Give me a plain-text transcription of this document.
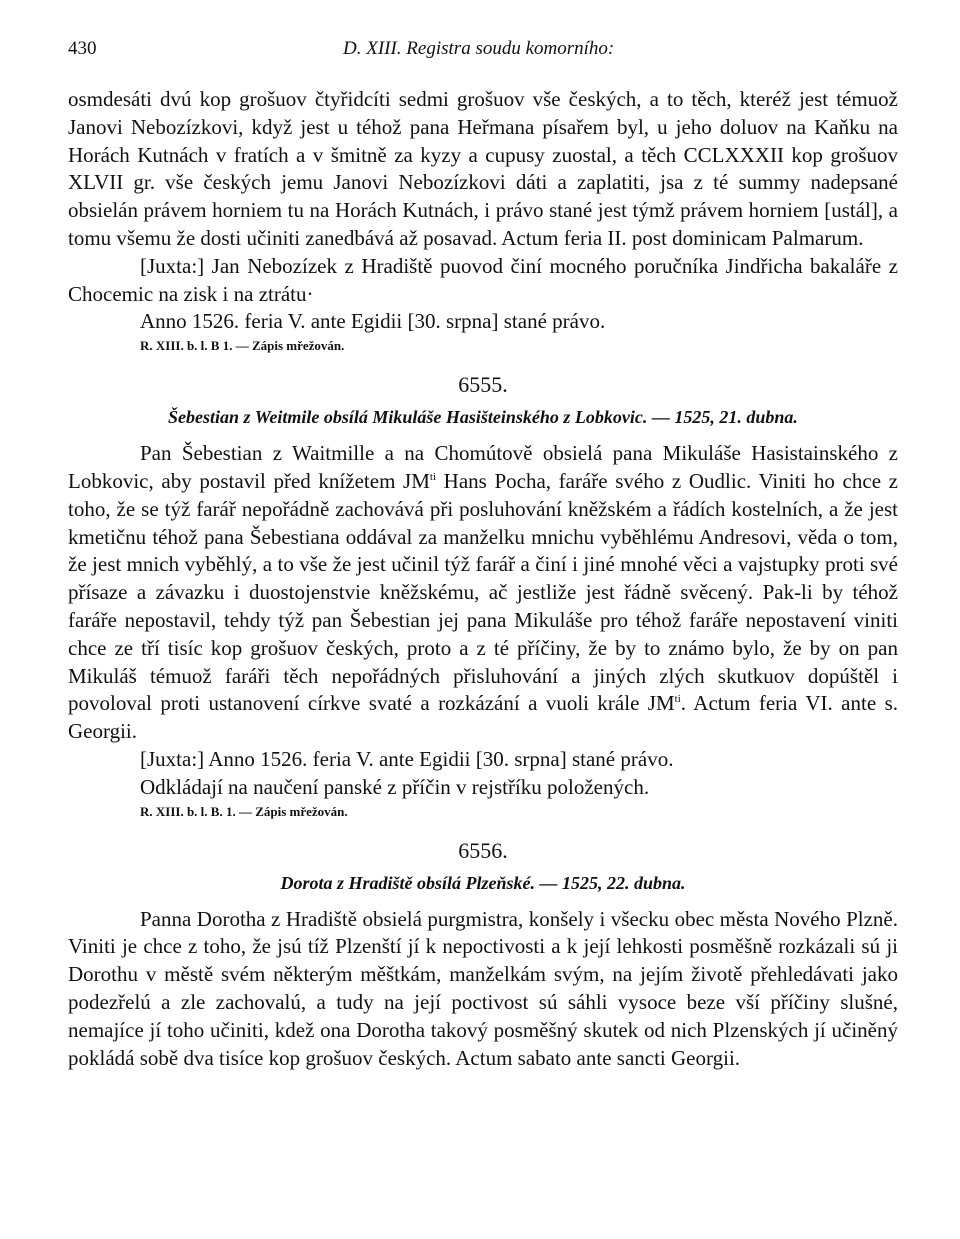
430	D. XIII. Registra soudu komorního:

osmdesáti dvú kop grošuov čtyřidcíti sedmi grošuov vše českých, a to těch, kteréž jest témuož Janovi Nebozízkovi, když jest u téhož pana Heřmana písařem byl, u jeho doluov na Kaňku na Horách Kutnách v fratích a v šmitně za kyzy a cupusy zuostal, a těch CCLXXXII kop grošuov XLVII gr. vše českých jemu Janovi Nebozízkovi dáti a zaplatiti, jsa z té summy nadepsané obsielán právem horniem tu na Horách Kutnách, i právo stané jest týmž právem horniem [ustál], a tomu všemu že dosti učiniti zanedbává až posavad. Actum feria II. post dominicam Palmarum.

[Juxta:] Jan Nebozízek z Hradiště puovod činí mocného poručníka Jindřicha bakaláře z Chocemic na zisk i na ztrátu·

Anno 1526. feria V. ante Egidii [30. srpna] stané právo.

R. XIII. b. l. B 1. — Zápis mřežován.
6555.
Šebestian z Weitmile obsílá Mikuláše Hasišteinského z Lobkovic. — 1525, 21. dubna.

Pan Šebestian z Waitmille a na Chomútově obsielá pana Mikuláše Hasistainského z Lobkovic, aby postavil před knížetem $JM^{ti}$ Hans Pocha, faráře svého z Oudlic. Viniti ho chce z toho, že se týž farář nepořádně zachovává při posluhování kněžském a řádích kostelních, a že jest kmetičnu téhož pana Šebestiana oddával za manželku mnichu vyběhlému Andresovi, věda o tom, že jest mnich vyběhlý, a to vše že jest učinil týž farář a činí i jiné mnohé věci a vajstupky proti své přísaze a závazku i duostojenstvie kněžskému, ač jestliže jest řádně svěcený. Pak-li by téhož faráře nepostavil, tehdy týž pan Šebestian jej pana Mikuláše pro téhož faráře nepostavení viniti chce ze tří tisíc kop grošuov českých, proto a z té příčiny, že by to známo bylo, že by on pan Mikuláš témuož faráři těch nepořádných přisluhování a jiných zlých skutkuov dopúštěl i povoloval proti ustanovení církve svaté a rozkázání a vuoli krále $JM^{ti}$. Actum feria VI. ante s. Georgii.

[Juxta:] Anno 1526. feria V. ante Egidii [30. srpna] stané právo.

Odkládají na naučení panské z příčin v rejstříku položených.

R. XIII. b. l. B. 1. — Zápis mřežován.
6556.
Dorota z Hradiště obsílá Plzeňské. — 1525, 22. dubna.

Panna Dorotha z Hradiště obsielá purgmistra, konšely i všecku obec města Nového Plzně. Viniti je chce z toho, že jsú tíž Plzenští jí k nepoctivosti a k její lehkosti posměšně rozkázali sú ji Dorothu v městě svém některým měštkám, manželkám svým, na jejím životě přehledávati jako podezřelú a zle zachovalú, a tudy na její poctivost sú sáhli vysoce beze vší příčiny slušné, nemajíce jí toho učiniti, kdež ona Dorotha takový posměšný skutek od nich Plzenských jí učiněný pokládá sobě dva tisíce kop grošuov českých. Actum sabato ante sancti Georgii.
